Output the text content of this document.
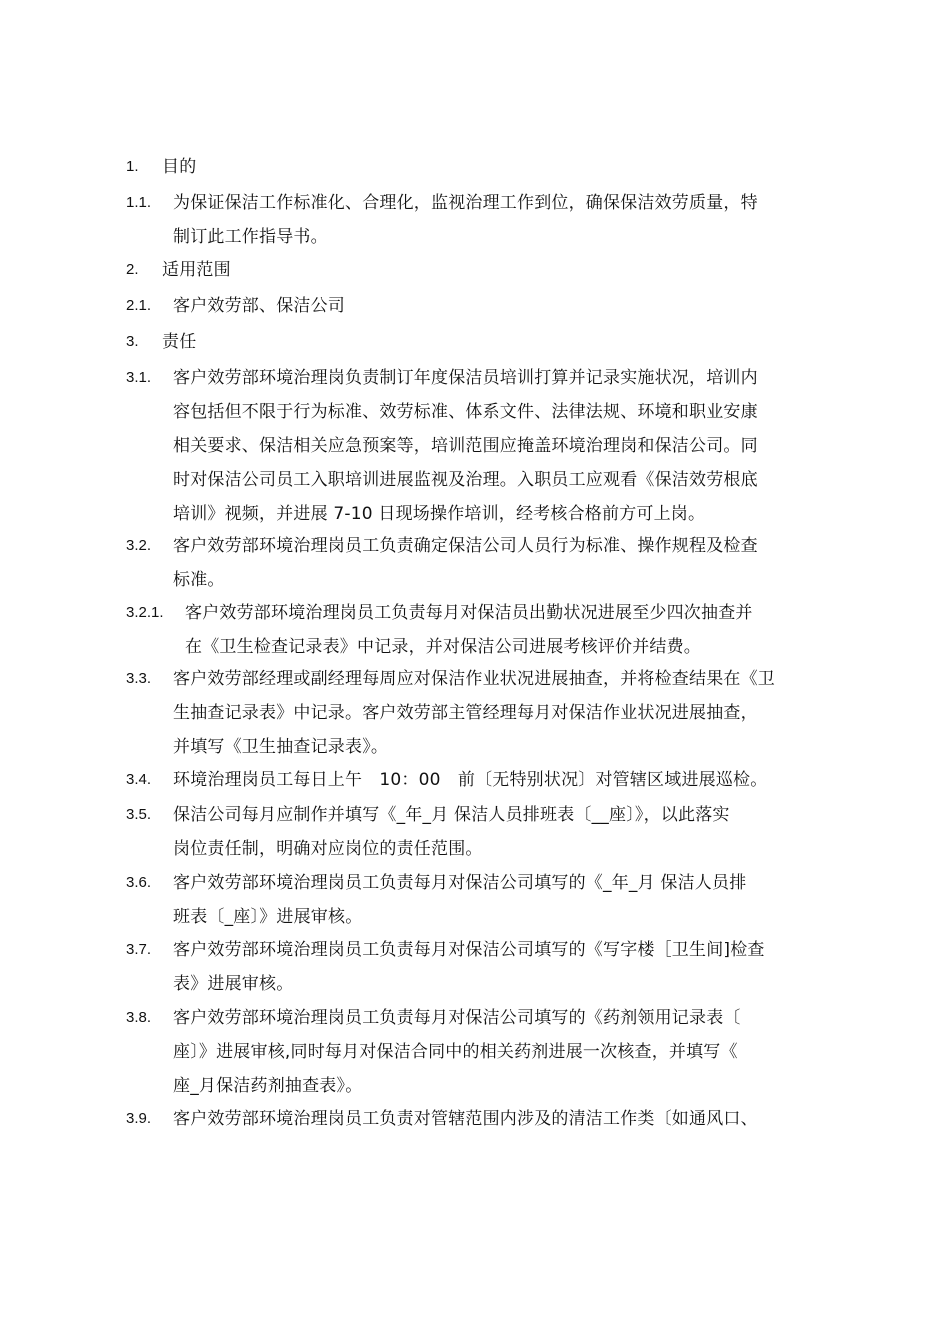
1. 目的
1.1. 为保证保洁工作标准化、合理化，监视治理工作到位，确保保洁效劳质量，特
制订此工作指导书。
2. 适用范围
2.1. 客户效劳部、保洁公司
3. 责任
3.1. 客户效劳部环境治理岗负责制订年度保洁员培训打算并记录实施状况，培训内
容包括但不限于行为标准、效劳标准、体系文件、法律法规、环境和职业安康
相关要求、保洁相关应急预案等，培训范围应掩盖环境治理岗和保洁公司。同
时对保洁公司员工入职培训进展监视及治理。入职员工应观看《保洁效劳根底
培训》视频，并进展 7-10 日现场操作培训，经考核合格前方可上岗。
3.2. 客户效劳部环境治理岗员工负责确定保洁公司人员行为标准、操作规程及检查
标准。
3.2.1. 客户效劳部环境治理岗员工负责每月对保洁员出勤状况进展至少四次抽查并
在《卫生检查记录表》中记录，并对保洁公司进展考核评价并结费。
3.3. 客户效劳部经理或副经理每周应对保洁作业状况进展抽查，并将检查结果在《卫
生抽查记录表》中记录。客户效劳部主管经理每月对保洁作业状况进展抽查，
并填写《卫生抽查记录表》。
3.4. 环境治理岗员工每日上午　10：00　前〔无特别状况〕对管辖区域进展巡检。
3.5. 保洁公司每月应制作并填写《_年_月 保洁人员排班表〔__座〕》，以此落实
岗位责任制，明确对应岗位的责任范围。
3.6. 客户效劳部环境治理岗员工负责每月对保洁公司填写的《_年_月 保洁人员排
班表〔_座〕》进展审核。
3.7. 客户效劳部环境治理岗员工负责每月对保洁公司填写的《写字楼［卫生间]检查
表》进展审核。
3.8. 客户效劳部环境治理岗员工负责每月对保洁公司填写的《药剂领用记录表〔
座〕》进展审核,同时每月对保洁合同中的相关药剂进展一次核查，并填写《
座_月保洁药剂抽查表》。
3.9. 客户效劳部环境治理岗员工负责对管辖范围内涉及的清洁工作类〔如通风口、
